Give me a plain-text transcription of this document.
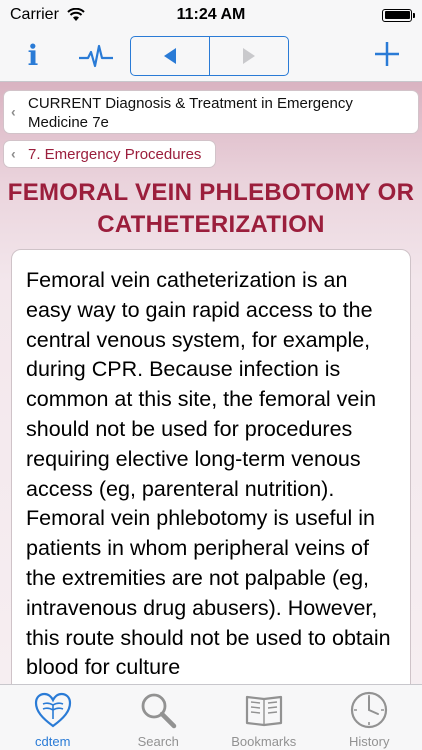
Carrier	11:24 AM
i
‹ CURRENT Diagnosis & Treatment in Emergency Medicine 7e
‹ 7. Emergency Procedures
FEMORAL VEIN PHLEBOTOMY OR CATHETERIZATION

Femoral vein catheterization is an easy way to gain rapid access to the central venous system, for example, during CPR. Because infection is common at this site, the femoral vein should not be used for procedures requiring elective long-term venous access (eg, parenteral nutrition). Femoral vein phlebotomy is useful in patients in whom peripheral veins of the extremities are not palpable (eg, intravenous drug abusers). However, this route should not be used to obtain blood for culture

cdtem	Search	Bookmarks	History
